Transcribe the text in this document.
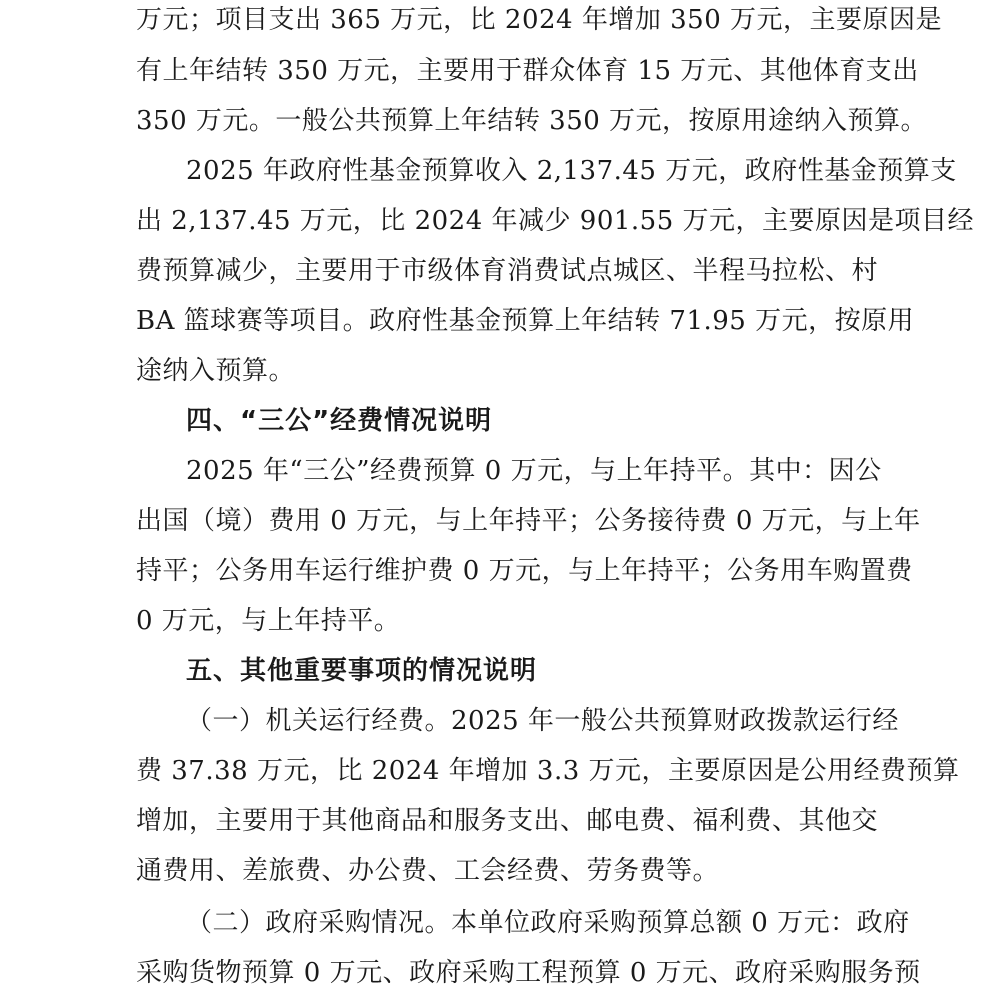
万元；项目支出 365 万元，比 2024 年增加 350 万元，主要原因是
有上年结转 350 万元，主要用于群众体育 15 万元、其他体育支出
350 万元。一般公共预算上年结转 350 万元，按原用途纳入预算。
2025 年政府性基金预算收入 2,137.45 万元，政府性基金预算支
出 2,137.45 万元，比 2024 年减少 901.55 万元，主要原因是项目经
费预算减少，主要用于市级体育消费试点城区、半程马拉松、村
BA 篮球赛等项目。政府性基金预算上年结转 71.95 万元，按原用
途纳入预算。
四、“三公”经费情况说明
2025 年“三公”经费预算 0 万元，与上年持平。其中：因公
出国（境）费用 0 万元，与上年持平；公务接待费 0 万元，与上年
持平；公务用车运行维护费 0 万元，与上年持平；公务用车购置费
0 万元，与上年持平。
五、其他重要事项的情况说明
（一）机关运行经费。2025 年一般公共预算财政拨款运行经
费 37.38 万元，比 2024 年增加 3.3 万元，主要原因是公用经费预算
增加，主要用于其他商品和服务支出、邮电费、福利费、其他交
通费用、差旅费、办公费、工会经费、劳务费等。
（二）政府采购情况。本单位政府采购预算总额 0 万元：政府
采购货物预算 0 万元、政府采购工程预算 0 万元、政府采购服务预
